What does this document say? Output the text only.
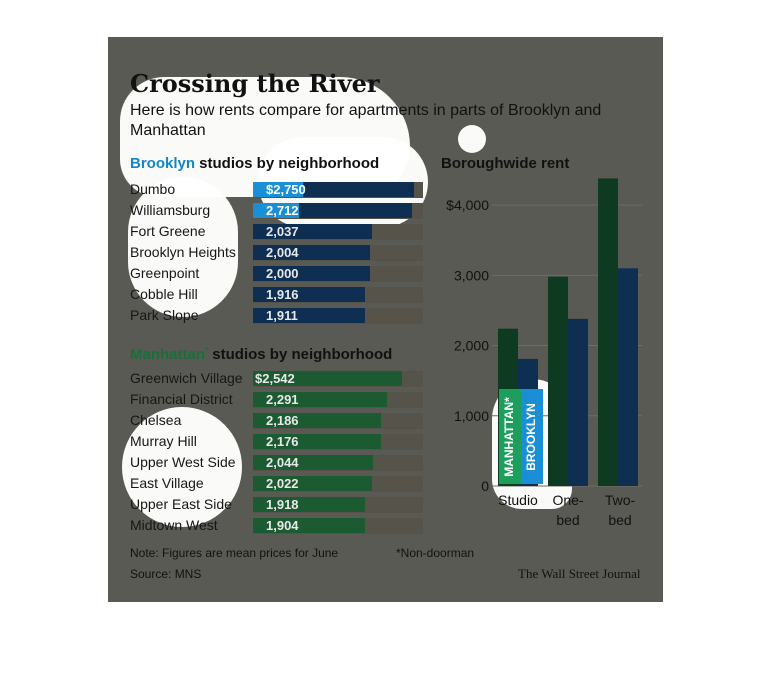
Crossing the River
Here is how rents compare for apartments in parts of Brooklyn and Manhattan
Brooklyn studios by neighborhood
Manhattan* studios by neighborhood
Boroughwide rent
Dumbo	$2,750
Williamsburg	2,712
Fort Greene	2,037
Brooklyn Heights 2,004
Greenpoint	2,000
Cobble Hill	1,916
Park Slope	1,911
Greenwich Village $2,542
Financial District	2,291
Chelsea	2,186
Murray Hill	2,176
Upper West Side 2,044
East Village	2,022
Upper East Side	1,918
Midtown West	1,904
0
1,000
2,000
3,000
$4,000
MANHATTAN* BROOKLYN
Studio One-
bed
Two-
bed
Note: Figures are mean prices for June	*Non-doorman
Source: MNS	The Wall Street Journal
